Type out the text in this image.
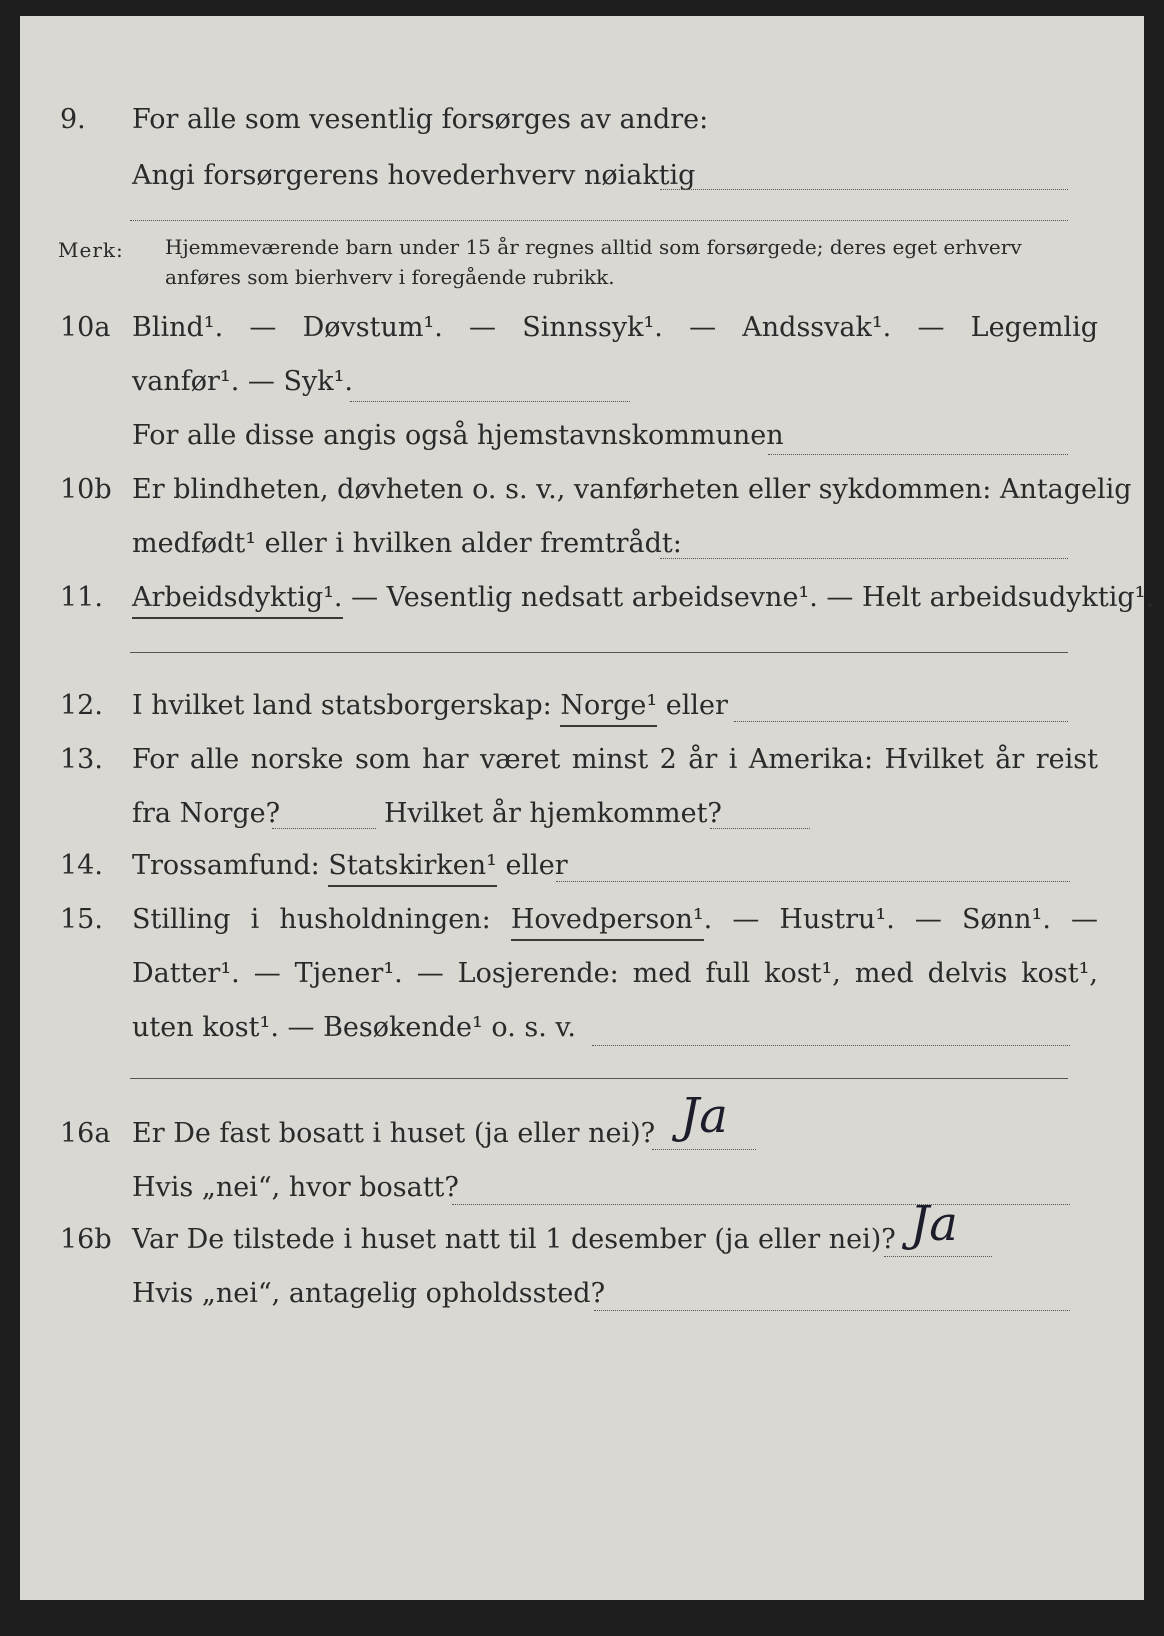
9. For alle som vesentlig forsørges av andre:
Angi forsørgerens hovederhverv nøiaktig
Merk: Hjemmeværende barn under 15 år regnes alltid som forsørgede; deres eget erhverv
anføres som bierhverv i foregående rubrikk.
10a Blind¹. — Døvstum¹. — Sinnssyk¹. — Andssvak¹. — Legemlig
vanfør¹. — Syk¹.
For alle disse angis også hjemstavnskommunen
10b Er blindheten, døvheten o. s. v., vanførheten eller sykdommen: Antagelig
medfødt¹ eller i hvilken alder fremtrådt:
11. Arbeidsdyktig¹. — Vesentlig nedsatt arbeidsevne¹. — Helt arbeidsudyktig¹.
12. I hvilket land statsborgerskap: Norge¹ eller
13. For alle norske som har været minst 2 år i Amerika: Hvilket år reist
fra Norge?	Hvilket år hjemkommet?
14. Trossamfund: Statskirken¹ eller
15. Stilling i husholdningen: Hovedperson¹. — Hustru¹. — Sønn¹. —
Datter¹. — Tjener¹. — Losjerende: med full kost¹, med delvis kost¹,
uten kost¹. — Besøkende¹ o. s. v.
16a Er De fast bosatt i huset (ja eller nei)? Ja
Hvis „nei“, hvor bosatt?
16b Var De tilstede i huset natt til 1 desember (ja eller nei)? Ja
Hvis „nei“, antagelig opholdssted?
